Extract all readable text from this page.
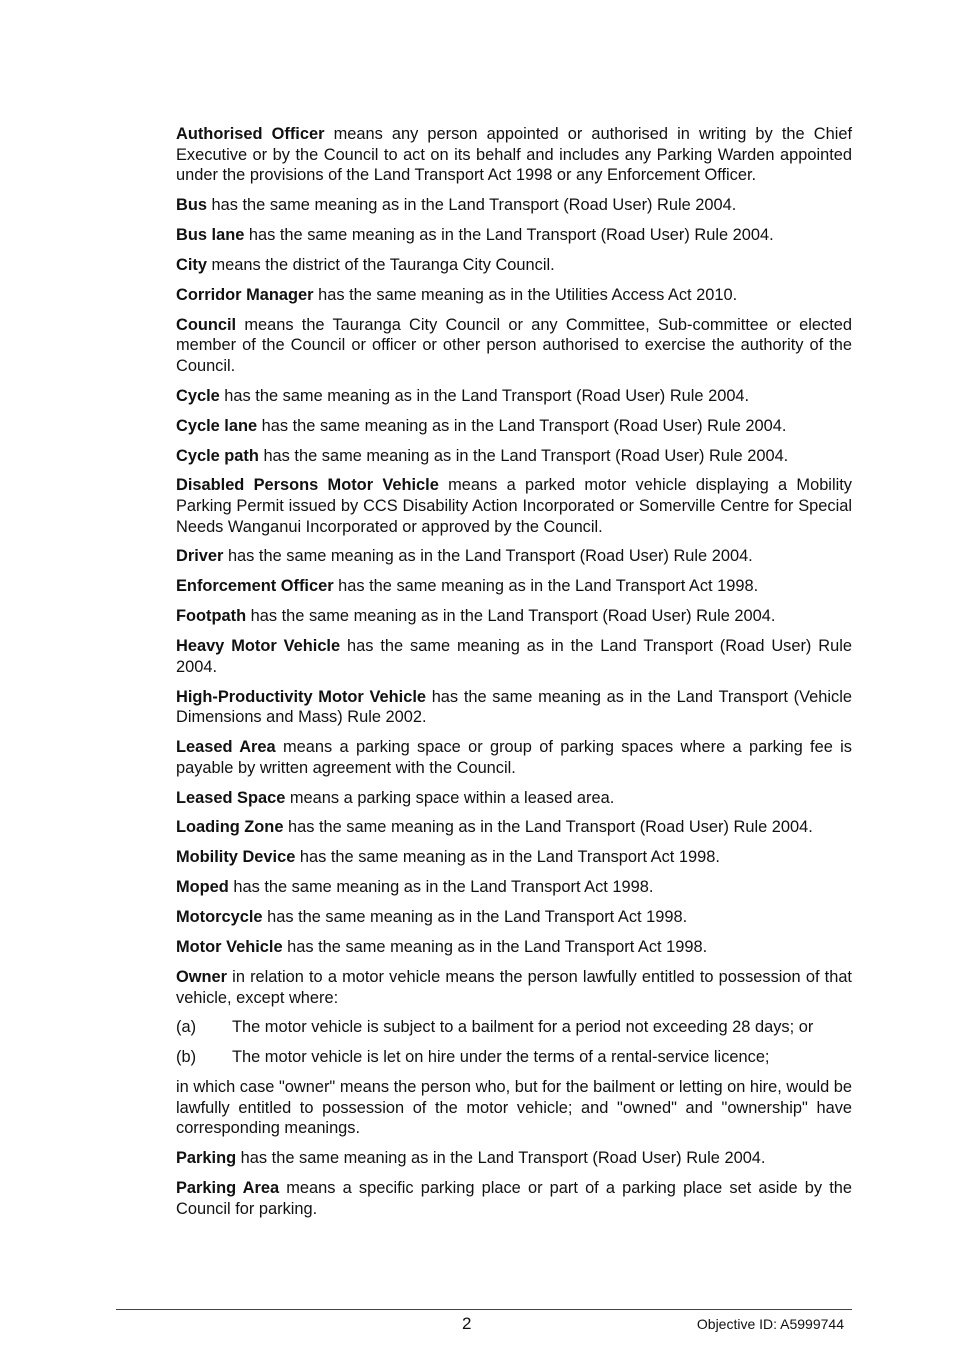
Authorised Officer means any person appointed or authorised in writing by the Chief Executive or by the Council to act on its behalf and includes any Parking Warden appointed under the provisions of the Land Transport Act 1998 or any Enforcement Officer.

Bus has the same meaning as in the Land Transport (Road User) Rule 2004.

Bus lane has the same meaning as in the Land Transport (Road User) Rule 2004.

City means the district of the Tauranga City Council.

Corridor Manager has the same meaning as in the Utilities Access Act 2010.

Council means the Tauranga City Council or any Committee, Sub-committee or elected member of the Council or officer or other person authorised to exercise the authority of the Council.

Cycle has the same meaning as in the Land Transport (Road User) Rule 2004.

Cycle lane has the same meaning as in the Land Transport (Road User) Rule 2004.

Cycle path has the same meaning as in the Land Transport (Road User) Rule 2004.

Disabled Persons Motor Vehicle means a parked motor vehicle displaying a Mobility Parking Permit issued by CCS Disability Action Incorporated or Somerville Centre for Special Needs Wanganui Incorporated or approved by the Council.

Driver has the same meaning as in the Land Transport (Road User) Rule 2004.

Enforcement Officer has the same meaning as in the Land Transport Act 1998.

Footpath has the same meaning as in the Land Transport (Road User) Rule 2004.

Heavy Motor Vehicle has the same meaning as in the Land Transport (Road User) Rule 2004.

High-Productivity Motor Vehicle has the same meaning as in the Land Transport (Vehicle Dimensions and Mass) Rule 2002.

Leased Area means a parking space or group of parking spaces where a parking fee is payable by written agreement with the Council.

Leased Space means a parking space within a leased area.

Loading Zone has the same meaning as in the Land Transport (Road User) Rule 2004.

Mobility Device has the same meaning as in the Land Transport Act 1998.

Moped has the same meaning as in the Land Transport Act 1998.

Motorcycle has the same meaning as in the Land Transport Act 1998.

Motor Vehicle has the same meaning as in the Land Transport Act 1998.

Owner in relation to a motor vehicle means the person lawfully entitled to possession of that vehicle, except where:

(a)	The motor vehicle is subject to a bailment for a period not exceeding 28 days; or
(b)	The motor vehicle is let on hire under the terms of a rental-service licence;

in which case "owner" means the person who, but for the bailment or letting on hire, would be lawfully entitled to possession of the motor vehicle; and "owned" and "ownership" have corresponding meanings.

Parking has the same meaning as in the Land Transport (Road User) Rule 2004.

Parking Area means a specific parking place or part of a parking place set aside by the Council for parking.

2	Objective ID: A5999744
